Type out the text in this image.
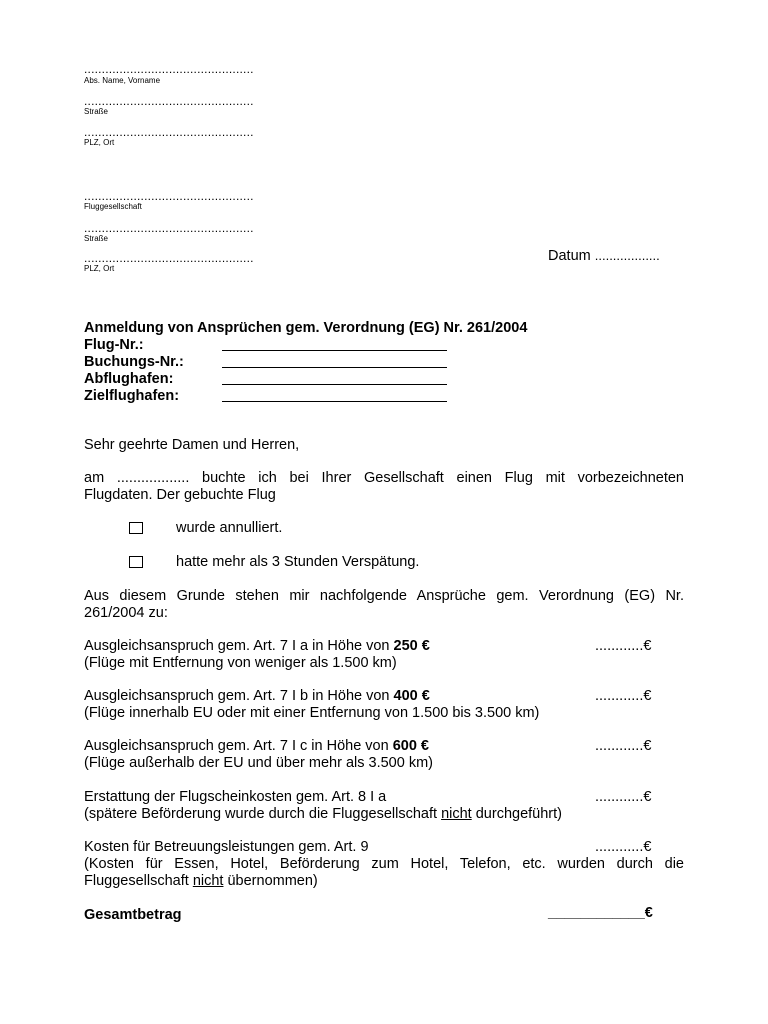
................................................
Abs. Name, Vorname
................................................
Straße
................................................
PLZ, Ort
................................................
Fluggesellschaft
................................................
Straße
................................................
PLZ, Ort
Datum ..................
Anmeldung von Ansprüchen gem. Verordnung (EG) Nr. 261/2004
Flug-Nr.:
Buchungs-Nr.:
Abflughafen:
Zielflughafen:
Sehr geehrte Damen und Herren,
am .................. buchte ich bei Ihrer Gesellschaft einen Flug mit vorbezeichneten
Flugdaten. Der gebuchte Flug
wurde annulliert.
hatte mehr als 3 Stunden Verspätung.
Aus diesem Grunde stehen mir nachfolgende Ansprüche gem. Verordnung (EG) Nr.
261/2004 zu:
Ausgleichsanspruch gem. Art. 7 I a in Höhe von 250 €
(Flüge mit Entfernung von weniger als 1.500 km)
............€
Ausgleichsanspruch gem. Art. 7 I b in Höhe von 400 €
(Flüge innerhalb EU oder mit einer Entfernung von 1.500 bis 3.500 km)
............€
Ausgleichsanspruch gem. Art. 7 I c in Höhe von 600 €
(Flüge außerhalb der EU und über mehr als 3.500 km)
............€
Erstattung der Flugscheinkosten gem. Art. 8 I a
(spätere Beförderung wurde durch die Fluggesellschaft nicht durchgeführt)
............€
Kosten für Betreuungsleistungen gem. Art. 9
(Kosten für Essen, Hotel, Beförderung zum Hotel, Telefon, etc. wurden durch die
Fluggesellschaft nicht übernommen)
............€
Gesamtbetrag	____________€
